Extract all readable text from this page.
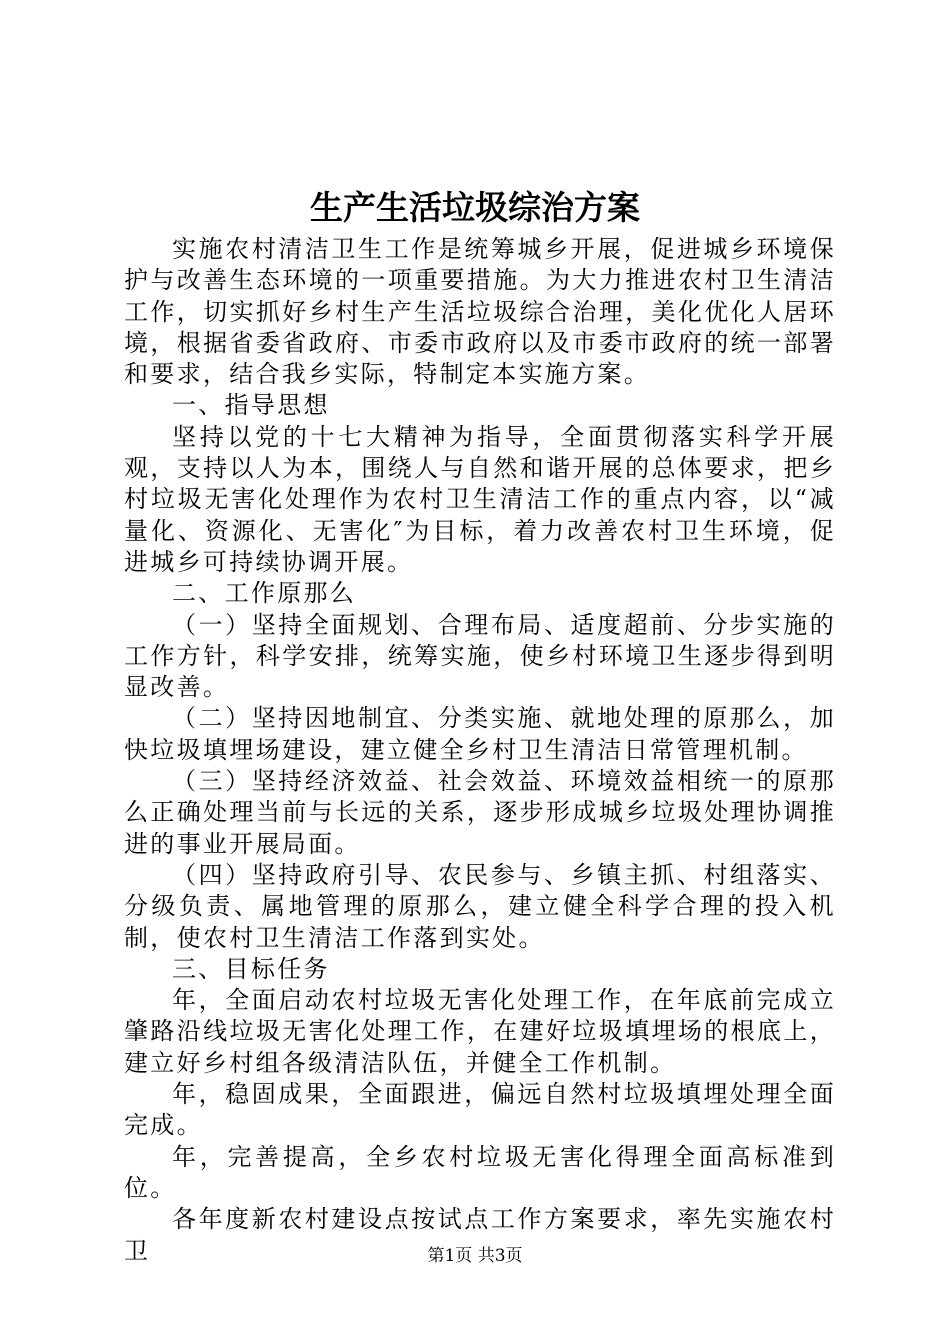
生产生活垃圾综治方案

实施农村清洁卫生工作是统筹城乡开展，促进城乡环境保护与改善生态环境的一项重要措施。为大力推进农村卫生清洁工作，切实抓好乡村生产生活垃圾综合治理，美化优化人居环境，根据省委省政府、市委市政府以及市委市政府的统一部署和要求，结合我乡实际，特制定本实施方案。

一、指导思想

坚持以党的十七大精神为指导，全面贯彻落实科学开展观，支持以人为本，围绕人与自然和谐开展的总体要求，把乡村垃圾无害化处理作为农村卫生清洁工作的重点内容，以“减量化、资源化、无害化″为目标，着力改善农村卫生环境，促进城乡可持续协调开展。

二、工作原那么

（一）坚持全面规划、合理布局、适度超前、分步实施的工作方针，科学安排，统筹实施，使乡村环境卫生逐步得到明显改善。

（二）坚持因地制宜、分类实施、就地处理的原那么，加快垃圾填埋场建设，建立健全乡村卫生清洁日常管理机制。

（三）坚持经济效益、社会效益、环境效益相统一的原那么正确处理当前与长远的关系，逐步形成城乡垃圾处理协调推进的事业开展局面。

（四）坚持政府引导、农民参与、乡镇主抓、村组落实、分级负责、属地管理的原那么，建立健全科学合理的投入机制，使农村卫生清洁工作落到实处。

三、目标任务

年，全面启动农村垃圾无害化处理工作，在年底前完成立肇路沿线垃圾无害化处理工作，在建好垃圾填埋场的根底上，建立好乡村组各级清洁队伍，并健全工作机制。

年，稳固成果，全面跟进，偏远自然村垃圾填埋处理全面完成。

年，完善提高，全乡农村垃圾无害化得理全面高标准到位。

各年度新农村建设点按试点工作方案要求，率先实施农村卫	第1页 共3页
